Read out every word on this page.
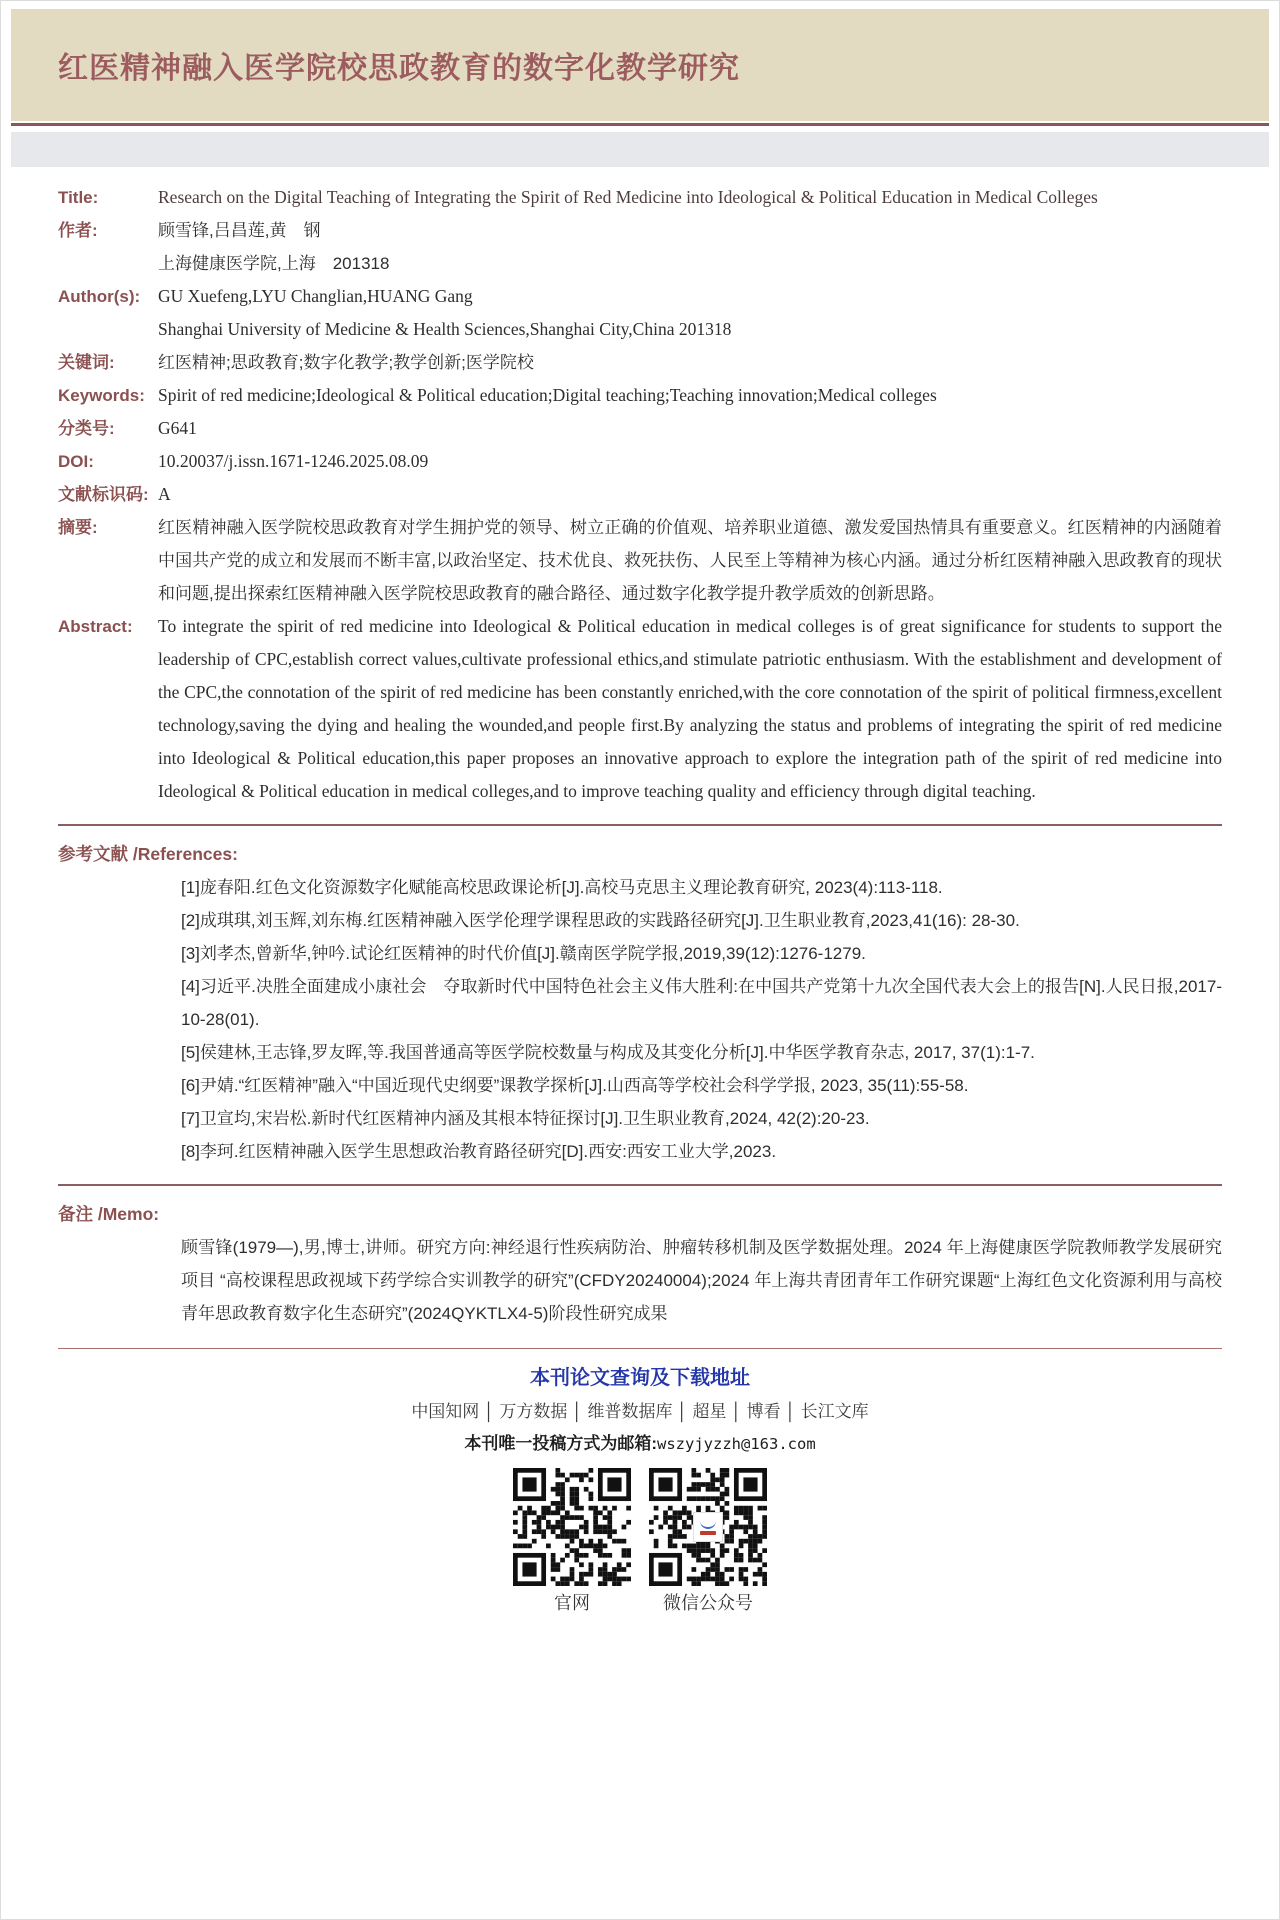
红医精神融入医学院校思政教育的数字化教学研究

Title:	Research on the Digital Teaching of Integrating the Spirit of Red Medicine into Ideological & Political Education in Medical Colleges
作者:	顾雪锋,吕昌莲,黄　钢
上海健康医学院,上海　201318
Author(s):	GU Xuefeng,LYU Changlian,HUANG Gang
Shanghai University of Medicine & Health Sciences,Shanghai City,China 201318
关键词:	红医精神;思政教育;数字化教学;教学创新;医学院校
Keywords: Spirit of red medicine;Ideological & Political education;Digital teaching;Teaching innovation;Medical colleges
分类号:	G641
DOI:	10.20037/j.issn.1671-1246.2025.08.09
文献标识码: A
摘要:	红医精神融入医学院校思政教育对学生拥护党的领导、树立正确的价值观、培养职业道德、激发爱国热情具有重要意义。红医精神的内涵随着中国共产党的成立和发展而不断丰富,以政治坚定、技术优良、救死扶伤、人民至上等精神为核心内涵。通过分析红医精神融入思政教育的现状和问题,提出探索红医精神融入医学院校思政教育的融合路径、通过数字化教学提升教学质效的创新思路。
Abstract:	To integrate the spirit of red medicine into Ideological & Political education in medical colleges is of great significance for students to support the leadership of CPC,establish correct values,cultivate professional ethics,and stimulate patriotic enthusiasm. With the establishment and development of the CPC,the connotation of the spirit of red medicine has been constantly enriched,with the core connotation of the spirit of political firmness,excellent technology,saving the dying and healing the wounded,and people first.By analyzing the status and problems of integrating the spirit of red medicine into Ideological & Political education,this paper proposes an innovative approach to explore the integration path of the spirit of red medicine into Ideological & Political education in medical colleges,and to improve teaching quality and efficiency through digital teaching.
参考文献 /References:
[1]庞春阳.红色文化资源数字化赋能高校思政课论析[J].高校马克思主义理论教育研究, 2023(4):113-118.
[2]成琪琪,刘玉辉,刘东梅.红医精神融入医学伦理学课程思政的实践路径研究[J].卫生职业教育,2023,41(16): 28-30.
[3]刘孝杰,曾新华,钟吟.试论红医精神的时代价值[J].赣南医学院学报,2019,39(12):1276-1279.
[4]习近平.决胜全面建成小康社会　夺取新时代中国特色社会主义伟大胜利:在中国共产党第十九次全国代表大会上的报告[N].人民日报,2017-10-28(01).
[5]侯建林,王志锋,罗友晖,等.我国普通高等医学院校数量与构成及其变化分析[J].中华医学教育杂志, 2017, 37(1):1-7.
[6]尹婧.“红医精神”融入“中国近现代史纲要”课教学探析[J].山西高等学校社会科学学报, 2023, 35(11):55-58.
[7]卫宣均,宋岩松.新时代红医精神内涵及其根本特征探讨[J].卫生职业教育,2024, 42(2):20-23.
[8]李珂.红医精神融入医学生思想政治教育路径研究[D].西安:西安工业大学,2023.
备注 /Memo:
顾雪锋(1979—),男,博士,讲师。研究方向:神经退行性疾病防治、肿瘤转移机制及医学数据处理。2024 年上海健康医学院教师教学发展研究项目 “高校课程思政视域下药学综合实训教学的研究”(CFDY20240004);2024 年上海共青团青年工作研究课题“上海红色文化资源利用与高校青年思政教育数字化生态研究”(2024QYKTLX4-5)阶段性研究成果
本刊论文查询及下载地址
中国知网 │ 万方数据 │ 维普数据库 │ 超星 │ 博看 │ 长江文库
本刊唯一投稿方式为邮箱:wszyjyzzh@163.com
官网	微信公众号
